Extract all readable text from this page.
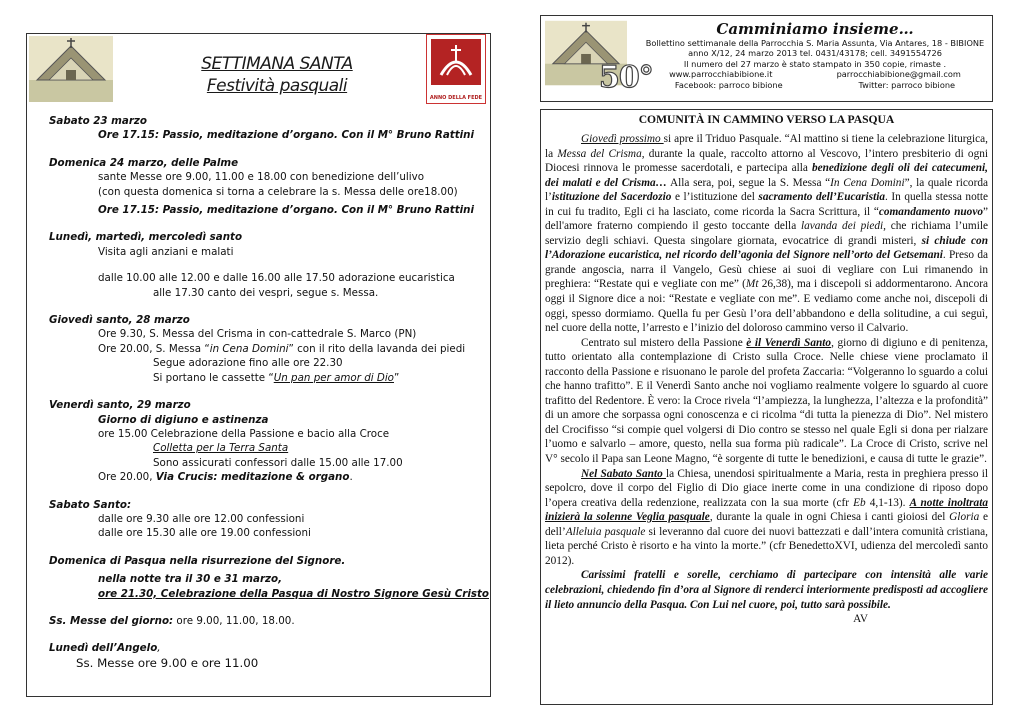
SETTIMANA SANTA
Festività pasquali
ANNO DELLA FEDE
Sabato 23 marzo
Ore 17.15: Passio, meditazione d’organo. Con il M° Bruno Rattini
Domenica 24 marzo, delle Palme
sante Messe ore 9.00, 11.00 e 18.00 con benedizione dell’ulivo
(con questa domenica si torna a celebrare la s. Messa delle ore18.00)
Ore 17.15: Passio, meditazione d’organo. Con il M° Bruno Rattini
Lunedì, martedì, mercoledì santo
Visita agli anziani e malati
dalle 10.00 alle 12.00 e dalle 16.00 alle 17.50 adorazione eucaristica
alle 17.30 canto dei vespri, segue s. Messa.
Giovedì santo, 28 marzo
Ore 9.30, S. Messa del Crisma in con-cattedrale S. Marco (PN)
Ore 20.00, S. Messa “in Cena Domini” con il rito della lavanda dei piedi
Segue adorazione fino alle ore 22.30
Si portano le cassette “Un pan per amor di Dio”
Venerdì santo, 29 marzo
Giorno di digiuno e astinenza
ore 15.00 Celebrazione della Passione e bacio alla Croce
Colletta per la Terra Santa
Sono assicurati confessori dalle 15.00 alle 17.00
Ore 20.00, Via Crucis: meditazione & organo.
Sabato Santo:
dalle ore 9.30 alle ore 12.00 confessioni
dalle ore 15.30 alle ore 19.00 confessioni
Domenica di Pasqua nella risurrezione del Signore.
nella notte tra il 30 e 31 marzo,
ore 21.30, Celebrazione della Pasqua di Nostro Signore Gesù Cristo
Ss. Messe del giorno: ore 9.00, 11.00, 18.00.
Lunedì dell’Angelo,
Ss. Messe ore 9.00 e ore 11.00
50°
Camminiamo insieme…
Bollettino settimanale della Parrocchia S. Maria Assunta, Via Antares, 18 - BIBIONE
anno X/12, 24 marzo 2013 tel. 0431/43178; cell. 3491554726
Il numero del 27 marzo è stato stampato in 350 copie, rimaste .
www.parrocchiabibione.it	parrocchiabibione@gmail.com
Facebook: parroco bibione	Twitter: parroco bibione
COMUNITÀ IN CAMMINO VERSO LA PASQUA

Giovedì prossimo si apre il Triduo Pasquale. “Al mattino si tiene la celebrazione liturgica, la Messa del Crisma, durante la quale, raccolto attorno al Vescovo, l’intero presbiterio di ogni Diocesi rinnova le promesse sacerdotali, e partecipa alla benedizione degli oli dei catecumeni, dei malati e del Crisma… Alla sera, poi, segue la S. Messa “In Cena Domini”, la quale ricorda l’istituzione del Sacerdozio e l’istituzione del sacramento dell’Eucaristia. In quella stessa notte in cui fu tradito, Egli ci ha lasciato, come ricorda la Sacra Scrittura, il “comandamento nuovo” dell'amore fraterno compiendo il gesto toccante della lavanda dei piedi, che richiama l’umile servizio degli schiavi. Questa singolare giornata, evocatrice di grandi misteri, si chiude con l’Adorazione eucaristica, nel ricordo dell’agonia del Signore nell’orto del Getsemani. Preso da grande angoscia, narra il Vangelo, Gesù chiese ai suoi di vegliare con Lui rimanendo in preghiera: “Restate qui e vegliate con me” (Mt 26,38), ma i discepoli si addormentarono. Ancora oggi il Signore dice a noi: “Restate e vegliate con me”. E vediamo come anche noi, discepoli di oggi, spesso dormiamo. Quella fu per Gesù l’ora dell’abbandono e della solitudine, a cui seguì, nel cuore della notte, l’arresto e l’inizio del doloroso cammino verso il Calvario.

Centrato sul mistero della Passione è il Venerdì Santo, giorno di digiuno e di penitenza, tutto orientato alla contemplazione di Cristo sulla Croce. Nelle chiese viene proclamato il racconto della Passione e risuonano le parole del profeta Zaccaria: “Volgeranno lo sguardo a colui che hanno trafitto”. E il Venerdì Santo anche noi vogliamo realmente volgere lo sguardo al cuore trafitto del Redentore. È vero: la Croce rivela “l’ampiezza, la lunghezza, l’altezza e la profondità” di un amore che sorpassa ogni conoscenza e ci ricolma “di tutta la pienezza di Dio”. Nel mistero del Crocifisso “si compie quel volgersi di Dio contro se stesso nel quale Egli si dona per rialzare l’uomo e salvarlo – amore, questo, nella sua forma più radicale”. La Croce di Cristo, scrive nel V° secolo il Papa san Leone Magno, “è sorgente di tutte le benedizioni, e causa di tutte le grazie”.

Nel Sabato Santo la Chiesa, unendosi spiritualmente a Maria, resta in preghiera presso il sepolcro, dove il corpo del Figlio di Dio giace inerte come in una condizione di riposo dopo l’opera creativa della redenzione, realizzata con la sua morte (cfr Eb 4,1-13). A notte inoltrata inizierà la solenne Veglia pasquale, durante la quale in ogni Chiesa i canti gioiosi del Gloria e dell’Alleluia pasquale si leveranno dal cuore dei nuovi battezzati e dall’intera comunità cristiana, lieta perché Cristo è risorto e ha vinto la morte.” (cfr BenedettoXVI, udienza del mercoledì santo 2012).

Carissimi fratelli e sorelle, cerchiamo di partecipare con intensità alle varie celebrazioni, chiedendo fin d’ora al Signore di renderci interiormente predisposti ad accogliere il lieto annuncio della Pasqua. Con Lui nel cuore, poi, tutto sarà possibile.
AV
